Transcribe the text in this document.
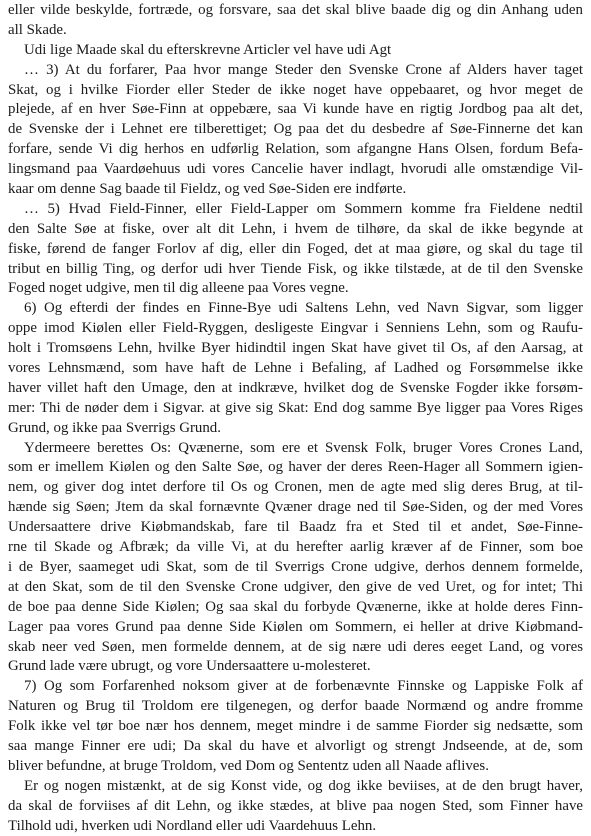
eller vilde beskylde, fortræde, og forsvare, saa det skal blive baade dig og din Anhang uden
all Skade.
Udi lige Maade skal du efterskrevne Articler vel have udi Agt
… 3) At du forfarer, Paa hvor mange Steder den Svenske Crone af Alders haver taget
Skat, og i hvilke Fiorder eller Steder de ikke noget have oppebaaret, og hvor meget de
plejede, af en hver Søe-Finn at oppebære, saa Vi kunde have en rigtig Jordbog paa alt det,
de Svenske der i Lehnet ere tilberettiget; Og paa det du desbedre af Søe-Finnerne det kan
forfare, sende Vi dig herhos en udførlig Relation, som afgangne Hans Olsen, fordum Befa-
lingsmand paa Vaardøehuus udi vores Cancelie haver indlagt, hvorudi alle omstændige Vil-
kaar om denne Sag baade til Fieldz, og ved Søe-Siden ere indførte.
… 5) Hvad Field-Finner, eller Field-Lapper om Sommern komme fra Fieldene nedtil
den Salte Søe at fiske, over alt dit Lehn, i hvem de tilhøre, da skal de ikke begynde at
fiske, førend de fanger Forlov af dig, eller din Foged, det at maa giøre, og skal du tage til
tribut en billig Ting, og derfor udi hver Tiende Fisk, og ikke tilstæde, at de til den Svenske
Foged noget udgive, men til dig alleene paa Vores vegne.
6) Og efterdi der findes en Finne-Bye udi Saltens Lehn, ved Navn Sigvar, som ligger
oppe imod Kiølen eller Field-Ryggen, desligeste Eingvar i Senniens Lehn, som og Raufu-
holt i Tromsøens Lehn, hvilke Byer hidindtil ingen Skat have givet til Os, af den Aarsag, at
vores Lehnsmænd, som have haft de Lehne i Befaling, af Ladhed og Forsømmelse ikke
haver villet haft den Umage, den at indkræve, hvilket dog de Svenske Fogder ikke forsøm-
mer: Thi de nøder dem i Sigvar. at give sig Skat: End dog samme Bye ligger paa Vores Riges
Grund, og ikke paa Sverrigs Grund.
Ydermeere berettes Os: Qvænerne, som ere et Svensk Folk, bruger Vores Crones Land,
som er imellem Kiølen og den Salte Søe, og haver der deres Reen-Hager all Sommern igien-
nem, og giver dog intet derfore til Os og Cronen, men de agte med slig deres Brug, at til-
hænde sig Søen; Jtem da skal fornævnte Qvæner drage ned til Søe-Siden, og der med Vores
Undersaattere drive Kiøbmandskab, fare til Baadz fra et Sted til et andet, Søe-Finne-
rne til Skade og Afbræk; da ville Vi, at du herefter aarlig kræver af de Finner, som boe
i de Byer, saameget udi Skat, som de til Sverrigs Crone udgive, derhos dennem formelde,
at den Skat, som de til den Svenske Crone udgiver, den give de ved Uret, og for intet; Thi
de boe paa denne Side Kiølen; Og saa skal du forbyde Qvænerne, ikke at holde deres Finn-
Lager paa vores Grund paa denne Side Kiølen om Sommern, ei heller at drive Kiøbmand-
skab neer ved Søen, men formelde dennem, at de sig nære udi deres eeget Land, og vores
Grund lade være ubrugt, og vore Undersaattere u-molesteret.
7) Og som Forfarenhed noksom giver at de forbenævnte Finnske og Lappiske Folk af
Naturen og Brug til Troldom ere tilgenegen, og derfor baade Normænd og andre fromme
Folk ikke vel tør boe nær hos dennem, meget mindre i de samme Fiorder sig nedsætte, som
saa mange Finner ere udi; Da skal du have et alvorligt og strengt Jndseende, at de, som
bliver befundne, at bruge Troldom, ved Dom og Sententz uden all Naade aflives.
Er og nogen mistænkt, at de sig Konst vide, og dog ikke beviises, at de den brugt haver,
da skal de forviises af dit Lehn, og ikke stædes, at blive paa nogen Sted, som Finner have
Tilhold udi, hverken udi Nordland eller udi Vaardehuus Lehn.
